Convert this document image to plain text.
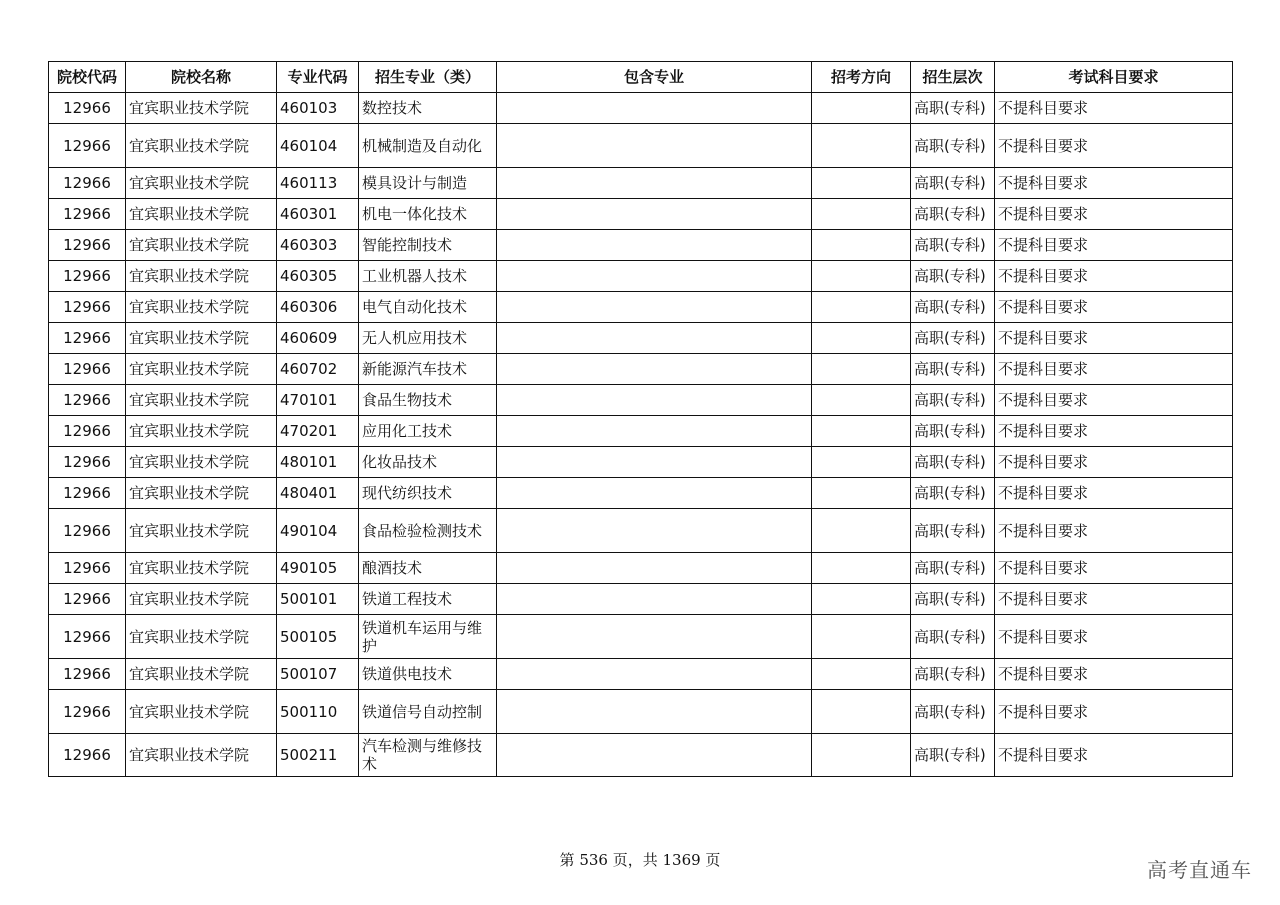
院校代码	院校名称	专业代码	招生专业（类）	包含专业	招考方向	招生层次	考试科目要求
12966	宜宾职业技术学院	460103	数控技术			高职(专科)	不提科目要求
12966	宜宾职业技术学院	460104	机械制造及自动化			高职(专科)	不提科目要求
12966	宜宾职业技术学院	460113	模具设计与制造			高职(专科)	不提科目要求
12966	宜宾职业技术学院	460301	机电一体化技术			高职(专科)	不提科目要求
12966	宜宾职业技术学院	460303	智能控制技术			高职(专科)	不提科目要求
12966	宜宾职业技术学院	460305	工业机器人技术			高职(专科)	不提科目要求
12966	宜宾职业技术学院	460306	电气自动化技术			高职(专科)	不提科目要求
12966	宜宾职业技术学院	460609	无人机应用技术			高职(专科)	不提科目要求
12966	宜宾职业技术学院	460702	新能源汽车技术			高职(专科)	不提科目要求
12966	宜宾职业技术学院	470101	食品生物技术			高职(专科)	不提科目要求
12966	宜宾职业技术学院	470201	应用化工技术			高职(专科)	不提科目要求
12966	宜宾职业技术学院	480101	化妆品技术			高职(专科)	不提科目要求
12966	宜宾职业技术学院	480401	现代纺织技术			高职(专科)	不提科目要求
12966	宜宾职业技术学院	490104	食品检验检测技术			高职(专科)	不提科目要求
12966	宜宾职业技术学院	490105	酿酒技术			高职(专科)	不提科目要求
12966	宜宾职业技术学院	500101	铁道工程技术			高职(专科)	不提科目要求
12966	宜宾职业技术学院	500105	铁道机车运用与维护			高职(专科)	不提科目要求
12966	宜宾职业技术学院	500107	铁道供电技术			高职(专科)	不提科目要求
12966	宜宾职业技术学院	500110	铁道信号自动控制			高职(专科)	不提科目要求
12966	宜宾职业技术学院	500211	汽车检测与维修技术			高职(专科)	不提科目要求
第 536 页，共 1369 页	高考直通车
